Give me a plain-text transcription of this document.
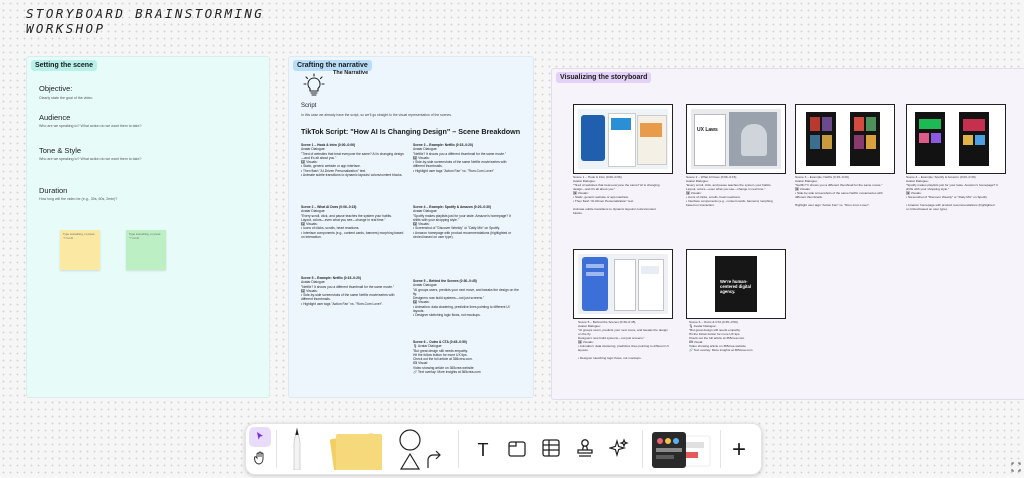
STORYBOARD BRAINSTORMING
WORKSHOP
Setting the scene
Objective:
Clearly state the goal of the video
Audience
Who are we speaking to? What action do we want them to take?
Tone & Style
Who are we speaking to? What action do we want them to take?
Duration
How long will the video be (e.g., 30s, 60s, 2min)?
Type something, or press "/" for AI
Type something, or press "/" for AI
Crafting the narrative
The Narrative
Script
In this case we already have the script, so we'll go straight to the visual representation of the scenes.
TikTok Script: "How AI Is Changing Design" – Scene Breakdown
Scene 1 – Hook & Intro (0:00–0:06)
Avatar Dialogue:
"Tired of websites that treat everyone the same? AI is changing design—and it's all about you."
🖼 Visuals:
• Static, generic website or app interface.
• Then flash "AI-Driven Personalization" text.
• Animate subtle transitions to dynamic layouts/ colors/content blocks.
Scene 3 – Example: Netflix (0:15–0:20)
Avatar Dialogue:
"Netflix? It shows you a different thumbnail for the same movie."
🖼 Visuals:
• Side-by-side screenshots of the same Netflix movie/series with different thumbnails.
• Highlight user tags "Action Fan" vs. "Rom-Com Lover"
Scene 2 – What AI Does (0:06–0:15)
Avatar Dialogue:
"Every scroll, click, and pause teaches the system your habits.
Layout, colors—even what you see—change in real time."
🖼 Visuals:
• Icons of clicks, scrolls, heart reactions.
• Interface components (e.g., content cards, banners) morphing based on interaction.
Scene 4 – Example: Spotify & Amazon (0:20–0:30)
Avatar Dialogue:
"Spotify makes playlists just for your taste. Amazon's homepage? It shifts with your shopping style."
🖼 Visuals:
• Screenshot of "Discover Weekly" or "Daily Mix" on Spotify.
• Amazon homepage with product recommendations (highlighted or circled based on user type).
Scene 5 – Example: Netflix (0:15–0:20)
Avatar Dialogue:
"Netflix? It shows you a different thumbnail for the same movie."
🖼 Visuals:
• Side-by-side screenshots of the same Netflix movie/series with different thumbnails.
• Highlight user tags "Action Fan" vs. "Rom-Com Lover".
Scene 5 – Behind the Scenes (0:30–0:45)
Avatar Dialogue:
"AI groups users, predicts your next move, and tweaks the design on the fly.
Designers now build systems—not just screens."
🖼 Visuals:
• Animation: data clustering, predictive lines pointing to different UI layouts.
• Designer sketching logic flows, not mockups.
Scene 6 – Outro & CTA (0:45–0:50)
🎙 Avatar Dialogue:
"But great design still needs empathy.
Hit the follow button for more UX tips.
Check out the full article at 365crea.com.
🎞 Visual:
Video showing article on 365crea website
🔗 Text overlay: More insights at 365crea.com
Visualizing the storyboard
UX Laws
Scene 1 – Hook & Intro (0:00–0:06)
Avatar Dialogue:
"Tired of websites that treat everyone the same? AI is changing design—and it's all about you."
🖼 Visuals:
• Static, generic website or app interface.
• Then flash "AI-Driven Personalization" text.

Animate subtle transitions to dynamic layouts/ colors/content blocks.
Scene 2 – What AI Does (0:06–0:15)
Avatar Dialogue:
"Every scroll, click, and pause teaches the system your habits.
Layout, colors—even what you see—change in real time."
🖼 Visuals:
• Icons of clicks, scrolls, heart reactions.
• Interface components (e.g., content cards, banners) morphing based on interaction.
Scene 3 – Example: Netflix (0:15–0:20)
Avatar Dialogue:
"Netflix? It shows you a different thumbnail for the same movie."
🖼 Visuals:
• Side-by-side screenshots of the same Netflix movie/series with different thumbnails.

Highlight user tags "Action Fan" vs. "Rom-Com Lover".
Scene 4 – Example: Spotify & Amazon (0:20–0:30)
Avatar Dialogue:
"Spotify makes playlists just for your taste. Amazon's homepage? It shifts with your shopping style."
🖼 Visuals:
• Screenshot of "Discover Weekly" or "Daily Mix" on Spotify.

• Amazon homepage with product recommendations (highlighted or circled based on user type).
We're human-centered digital agency.
Scene 5 – Behind the Scenes (0:30–0:45)
Avatar Dialogue:
"AI groups users, predicts your next move, and tweaks the design on the fly.
Designers now build systems—not just screens."
🖼 Visuals:
• Animation: data clustering, predictive lines pointing to different UI layouts.

• Designer sketching logic flows, not mockups.
Scene 6 – Outro & CTA (0:45–0:50)
🎙 Avatar Dialogue:
"But great design still needs empathy.
Hit the follow button for more UX tips.
Check out the full article at 365crea.com.
🎞 Visual:
Video showing article on 365crea website
🔗 Text overlay: More insights at 365crea.com
T	+
